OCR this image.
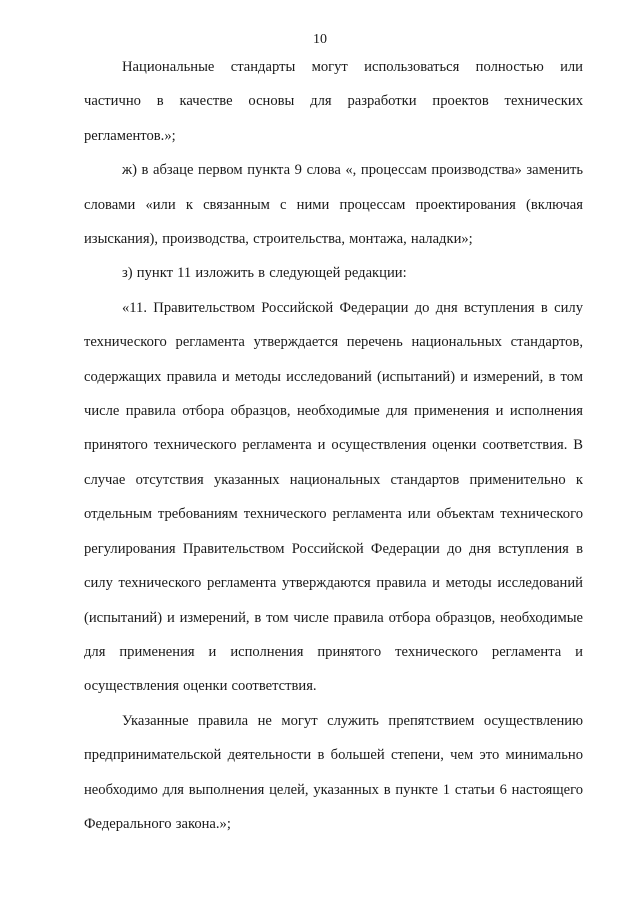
10

Национальные стандарты могут использоваться полностью или частично в качестве основы для разработки проектов технических регламентов.»;

ж) в абзаце первом пункта 9 слова «, процессам производства» заменить словами «или к связанным с ними процессам проектирования (включая изыскания), производства, строительства, монтажа, наладки»;

з) пункт 11 изложить в следующей редакции:

«11. Правительством Российской Федерации до дня вступления в силу технического регламента утверждается перечень национальных стандартов, содержащих правила и методы исследований (испытаний) и измерений, в том числе правила отбора образцов, необходимые для применения и исполнения принятого технического регламента и осуществления оценки соответствия. В случае отсутствия указанных национальных стандартов применительно к отдельным требованиям технического регламента или объектам технического регулирования Правительством Российской Федерации до дня вступления в силу технического регламента утверждаются правила и методы исследований (испытаний) и измерений, в том числе правила отбора образцов, необходимые для применения и исполнения принятого технического регламента и осуществления оценки соответствия.

Указанные правила не могут служить препятствием осуществлению предпринимательской деятельности в большей степени, чем это минимально необходимо для выполнения целей, указанных в пункте 1 статьи 6 настоящего Федерального закона.»;
